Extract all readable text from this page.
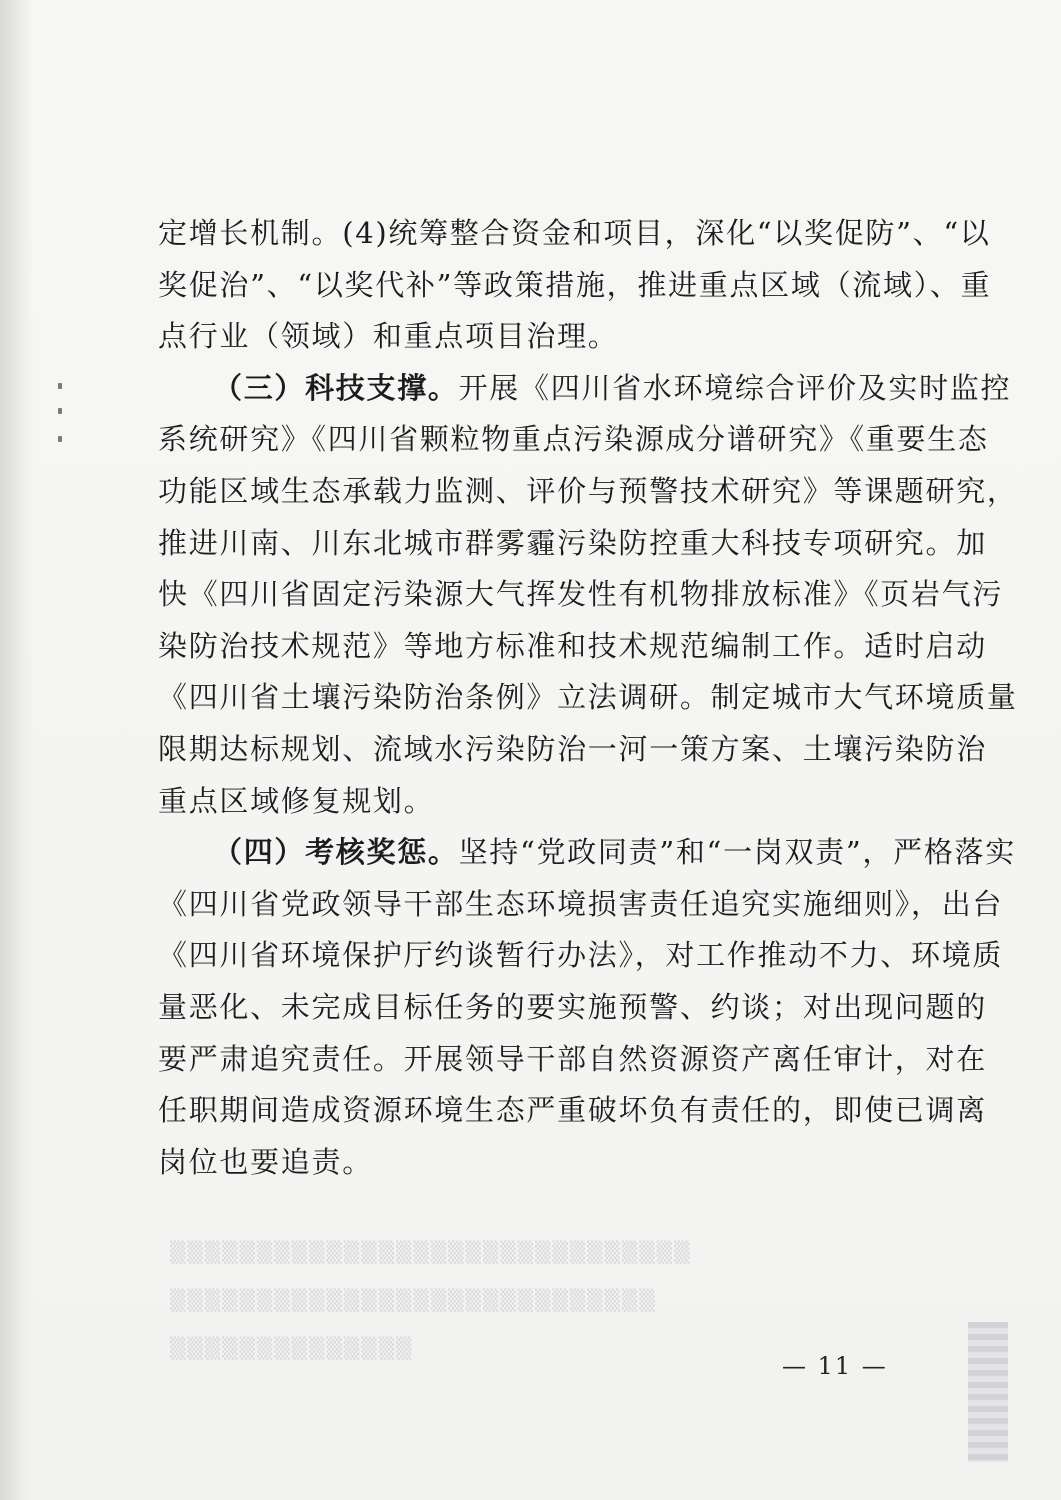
定增长机制。(4)统筹整合资金和项目，深化“以奖促防”、“以
奖促治”、“以奖代补”等政策措施，推进重点区域（流域）、重
点行业（领域）和重点项目治理。
（三）科技支撑。开展《四川省水环境综合评价及实时监控
系统研究》《四川省颗粒物重点污染源成分谱研究》《重要生态
功能区域生态承载力监测、评价与预警技术研究》等课题研究，
推进川南、川东北城市群雾霾污染防控重大科技专项研究。加
快《四川省固定污染源大气挥发性有机物排放标准》《页岩气污
染防治技术规范》等地方标准和技术规范编制工作。适时启动
《四川省土壤污染防治条例》立法调研。制定城市大气环境质量
限期达标规划、流域水污染防治一河一策方案、土壤污染防治
重点区域修复规划。
（四）考核奖惩。坚持“党政同责”和“一岗双责”，严格落实
《四川省党政领导干部生态环境损害责任追究实施细则》，出台
《四川省环境保护厅约谈暂行办法》，对工作推动不力、环境质
量恶化、未完成目标任务的要实施预警、约谈；对出现问题的
要严肃追究责任。开展领导干部自然资源资产离任审计，对在
任职期间造成资源环境生态严重破坏负有责任的，即使已调离
岗位也要追责。
▒▒▒▒▒▒▒▒▒▒▒▒▒▒▒▒▒▒▒▒▒▒▒▒▒▒▒▒▒▒
▒▒▒▒▒▒▒▒▒▒▒▒▒▒▒▒▒▒▒▒▒▒▒▒▒▒▒▒
▒▒▒▒▒▒▒▒▒▒▒▒▒▒
— 11 —
